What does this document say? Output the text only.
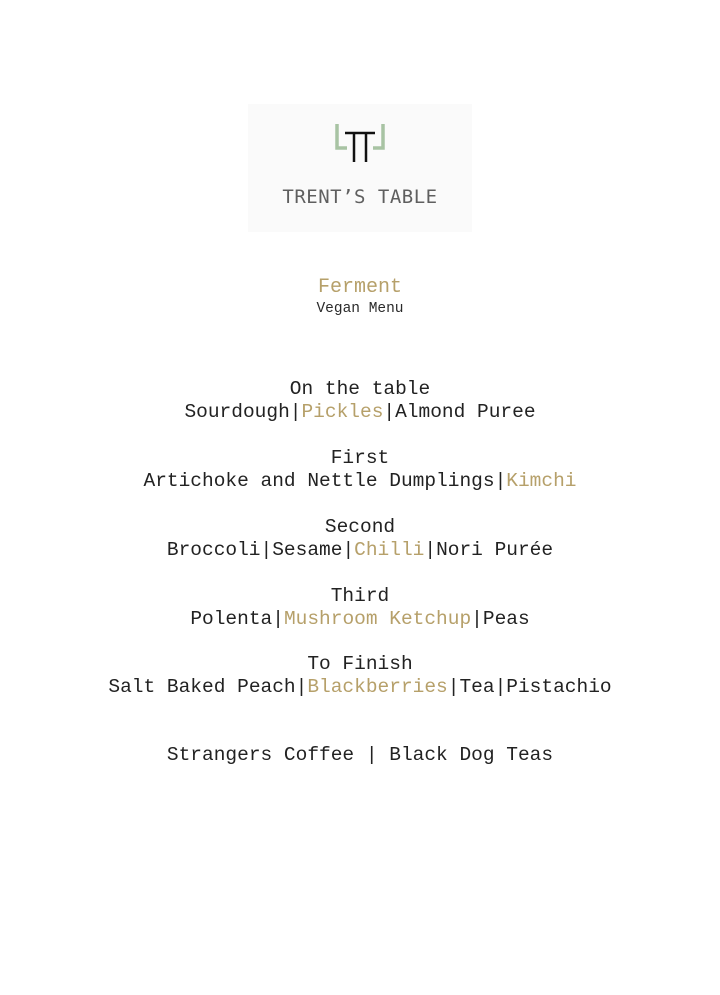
TRENT’S TABLE
Ferment
Vegan Menu
On the table
Sourdough|Pickles|Almond Puree
First
Artichoke and Nettle Dumplings|Kimchi
Second
Broccoli|Sesame|Chilli|Nori Purée
Third
Polenta|Mushroom Ketchup|Peas
To Finish
Salt Baked Peach|Blackberries|Tea|Pistachio
Strangers Coffee | Black Dog Teas
